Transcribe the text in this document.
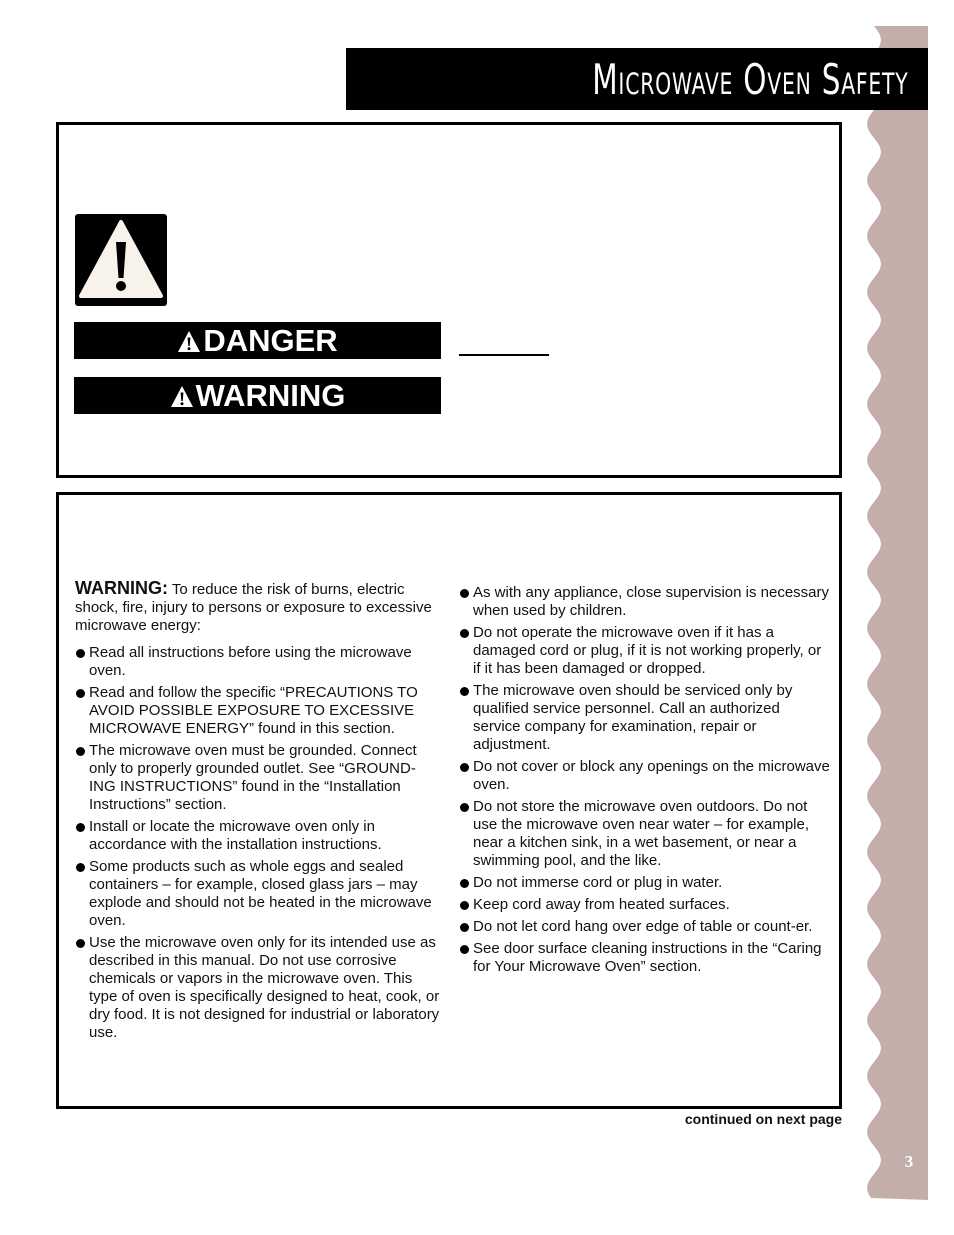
3
Microwave Oven Safety
DANGER
WARNING

WARNING: To reduce the risk of burns, electric shock, fire, injury to persons or exposure to excessive microwave energy:

Read all instructions before using the microwave oven.
Read and follow the specific “PRECAUTIONS TO AVOID POSSIBLE EXPOSURE TO EXCESSIVE MICROWAVE ENERGY” found in this section.
The microwave oven must be grounded. Connect only to properly grounded outlet. See “GROUND-ING INSTRUCTIONS” found in the “Installation Instructions” section.
Install or locate the microwave oven only in accordance with the installation instructions.
Some products such as whole eggs and sealed containers – for example, closed glass jars – may explode and should not be heated in the microwave oven.
Use the microwave oven only for its intended use as described in this manual. Do not use corrosive chemicals or vapors in the microwave oven. This type of oven is specifically designed to heat, cook, or dry food. It is not designed for industrial or laboratory use.
As with any appliance, close supervision is necessary when used by children.
Do not operate the microwave oven if it has a damaged cord or plug, if it is not working properly, or if it has been damaged or dropped.
The microwave oven should be serviced only by qualified service personnel. Call an authorized service company for examination, repair or adjustment.
Do not cover or block any openings on the microwave oven.
Do not store the microwave oven outdoors. Do not use the microwave oven near water – for example, near a kitchen sink, in a wet basement, or near a swimming pool, and the like.
Do not immerse cord or plug in water.
Keep cord away from heated surfaces.
Do not let cord hang over edge of table or count-er.
See door surface cleaning instructions in the “Caring for Your Microwave Oven” section.
continued on next page
